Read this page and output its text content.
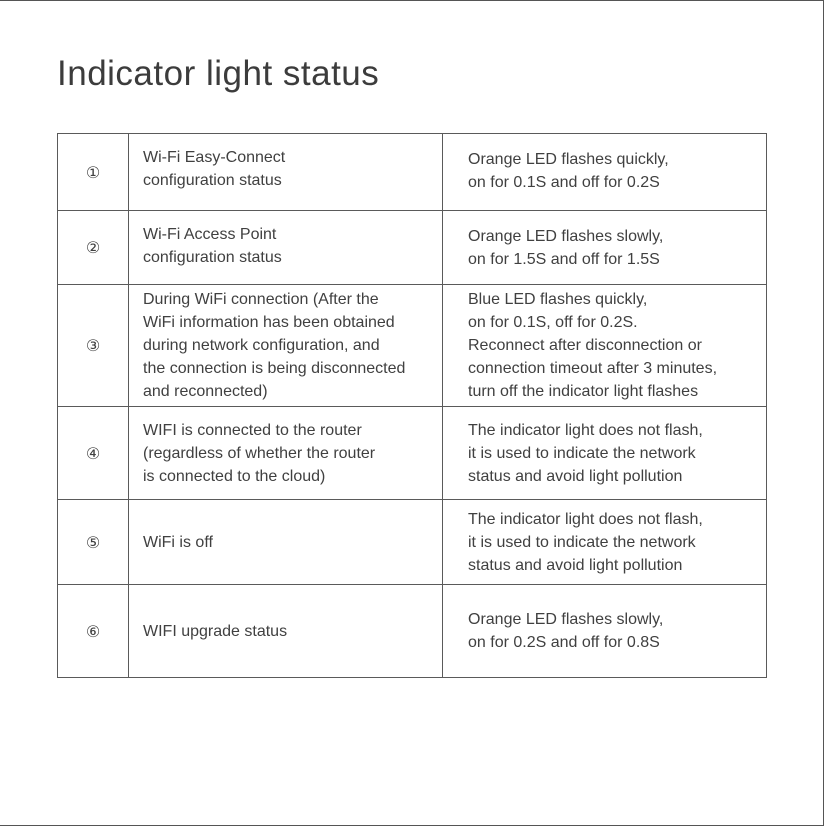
Indicator light status
①	Wi-Fi Easy-Connect
configuration status	Orange LED flashes quickly,
on for 0.1S and off for 0.2S

②	Wi-Fi Access Point
configuration status	Orange LED flashes slowly,
on for 1.5S and off for 1.5S

③	During WiFi connection (After the
WiFi information has been obtained
during network configuration, and
the connection is being disconnected
and reconnected)	Blue LED flashes quickly,
on for 0.1S, off for 0.2S.
Reconnect after disconnection or
connection timeout after 3 minutes,
turn off the indicator light flashes

④	WIFI is connected to the router
(regardless of whether the router
is connected to the cloud)	The indicator light does not flash,
it is used to indicate the network
status and avoid light pollution

⑤	WiFi is off	The indicator light does not flash,
it is used to indicate the network
status and avoid light pollution

⑥	WIFI upgrade status	Orange LED flashes slowly,
on for 0.2S and off for 0.8S
